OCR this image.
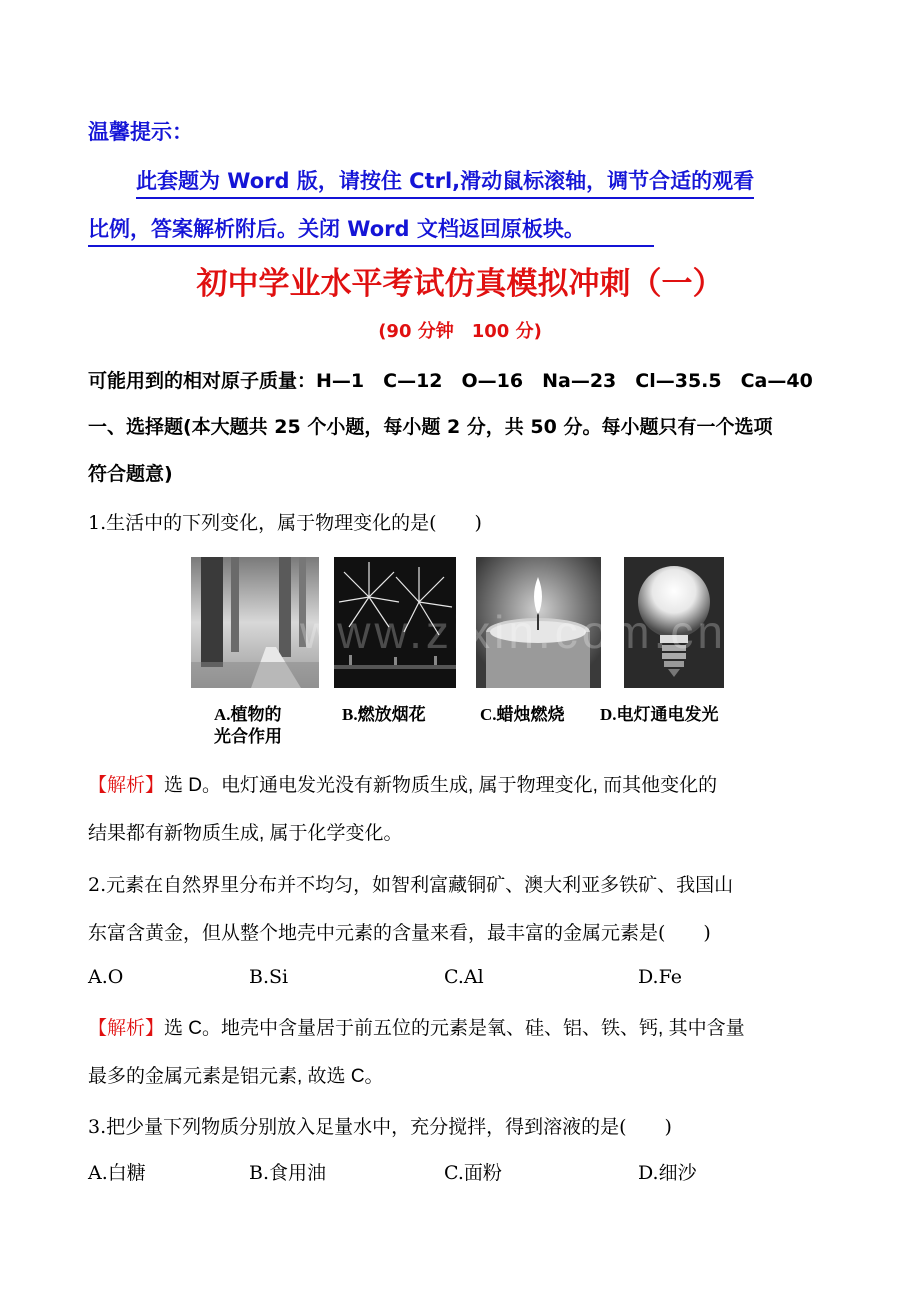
温馨提示：
此套题为 Word 版，请按住 Ctrl,滑动鼠标滚轴，调节合适的观看
比例，答案解析附后。关闭 Word 文档返回原板块。
初中学业水平考试仿真模拟冲刺（一）
(90 分钟　100 分)
可能用到的相对原子质量：H—1　C—12　O—16　Na—23　Cl—35.5　Ca—40
一、选择题(本大题共 25 个小题，每小题 2 分，共 50 分。每小题只有一个选项
符合题意)
1.生活中的下列变化，属于物理变化的是(　　)
www.zixin.com.cn
A.植物的
光合作用
B.燃放烟花	C.蜡烛燃烧 D.电灯通电发光
【解析】选 D。电灯通电发光没有新物质生成, 属于物理变化, 而其他变化的
结果都有新物质生成, 属于化学变化。
2.元素在自然界里分布并不均匀，如智利富藏铜矿、澳大利亚多铁矿、我国山
东富含黄金，但从整个地壳中元素的含量来看，最丰富的金属元素是(　　)
A.O	B.Si	C.Al	D.Fe
【解析】选 C。地壳中含量居于前五位的元素是氧、硅、铝、铁、钙, 其中含量
最多的金属元素是铝元素, 故选 C。
3.把少量下列物质分别放入足量水中，充分搅拌，得到溶液的是(　　)
A.白糖	B.食用油	C.面粉	D.细沙
